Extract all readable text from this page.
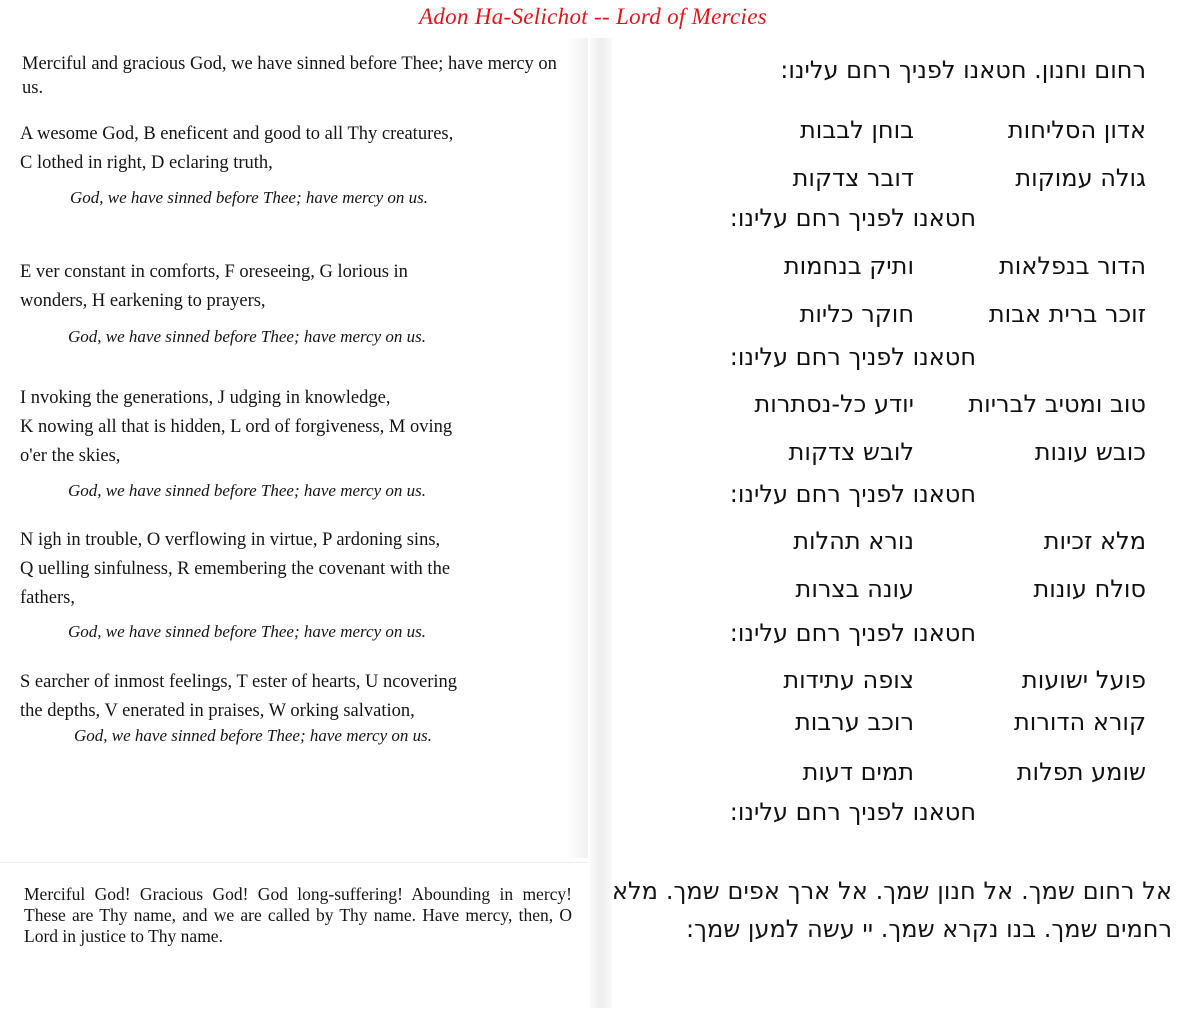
Adon Ha-Selichot -- Lord of Mercies
Merciful and gracious God, we have sinned before Thee; have mercy on us.
A wesome God, B eneficent and good to all Thy creatures,
C lothed in right, D eclaring truth,
God, we have sinned before Thee; have mercy on us.
E ver constant in comforts, F oreseeing, G lorious in
wonders, H earkening to prayers,
God, we have sinned before Thee; have mercy on us.
I nvoking the generations, J udging in knowledge,
K nowing all that is hidden, L ord of forgiveness, M oving
o'er the skies,
God, we have sinned before Thee; have mercy on us.
N igh in trouble, O verflowing in virtue, P ardoning sins,
Q uelling sinfulness, R emembering the covenant with the
fathers,
God, we have sinned before Thee; have mercy on us.
S earcher of inmost feelings, T ester of hearts, U ncovering
the depths, V enerated in praises, W orking salvation,
God, we have sinned before Thee; have mercy on us.
Merciful God! Gracious God! God long-suffering! Abounding in mercy! These are Thy name, and we are called by Thy name. Have mercy, then, O Lord in justice to Thy name.
רחום וחנון. חטאנו לפניך רחם עלינו:
אדון הסליחות
בוחן לבבות
גולה עמוקות
דובר צדקות
חטאנו לפניך רחם עלינו:
הדור בנפלאות
ותיק בנחמות
זוכר ברית אבות
חוקר כליות
חטאנו לפניך רחם עלינו:
טוב ומטיב לבריות
יודע כל-נסתרות
כובש עונות
לובש צדקות
חטאנו לפניך רחם עלינו:
מלא זכיות
נורא תהלות
סולח עונות
עונה בצרות
חטאנו לפניך רחם עלינו:
פועל ישועות
צופה עתידות
קורא הדורות
רוכב ערבות
שומע תפלות
תמים דעות
חטאנו לפניך רחם עלינו:
אל רחום שמך. אל חנון שמך. אל ארך אפים שמך. מלא רחמים שמך. בנו נקרא שמך. יי עשה למען שמך:
